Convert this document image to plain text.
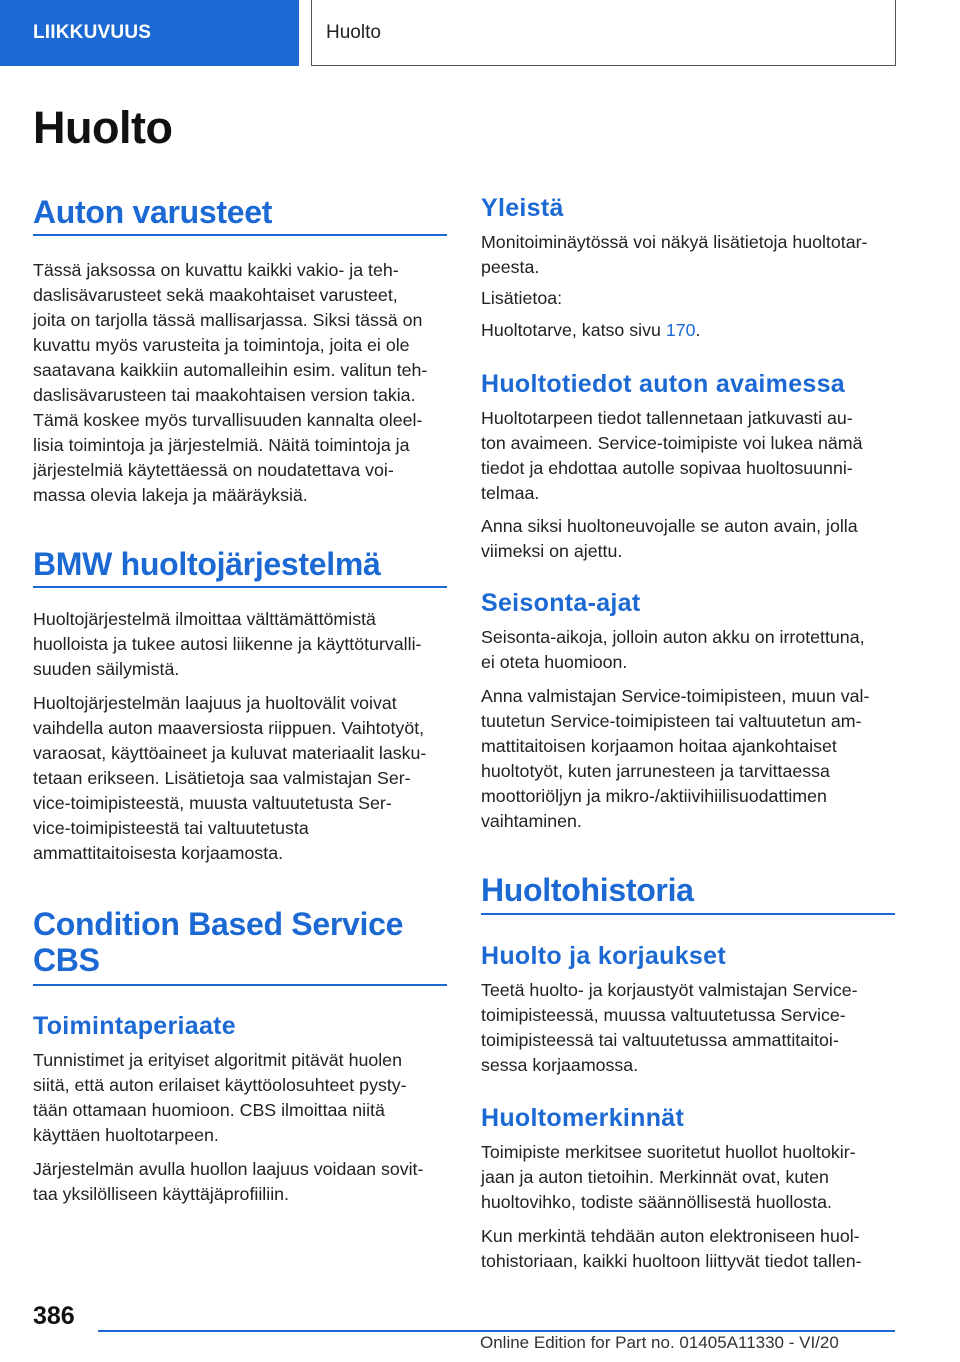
LIIKKUVUUS	Huolto
Huolto
Auton varusteet

Tässä jaksossa on kuvattu kaikki vakio- ja teh-
daslisävarusteet sekä maakohtaiset varusteet,
joita on tarjolla tässä mallisarjassa. Siksi tässä on
kuvattu myös varusteita ja toimintoja, joita ei ole
saatavana kaikkiin automalleihin esim. valitun teh-
daslisävarusteen tai maakohtaisen version takia.
Tämä koskee myös turvallisuuden kannalta oleel-
lisia toimintoja ja järjestelmiä. Näitä toimintoja ja
järjestelmiä käytettäessä on noudatettava voi-
massa olevia lakeja ja määräyksiä.

BMW huoltojärjestelmä

Huoltojärjestelmä ilmoittaa välttämättömistä
huolloista ja tukee autosi liikenne ja käyttöturvalli-
suuden säilymistä.

Huoltojärjestelmän laajuus ja huoltovälit voivat
vaihdella auton maaversiosta riippuen. Vaihtotyöt,
varaosat, käyttöaineet ja kuluvat materiaalit lasku-
tetaan erikseen. Lisätietoja saa valmistajan Ser-
vice-toimipisteestä, muusta valtuutetusta Ser-
vice-toimipisteestä tai valtuutetusta
ammattitaitoisesta korjaamosta.

Condition Based Service
CBS
Toimintaperiaate

Tunnistimet ja erityiset algoritmit pitävät huolen
siitä, että auton erilaiset käyttöolosuhteet pysty-
tään ottamaan huomioon. CBS ilmoittaa niitä
käyttäen huoltotarpeen.

Järjestelmän avulla huollon laajuus voidaan sovit-
taa yksilölliseen käyttäjäprofiiliin.

Yleistä

Monitoiminäytössä voi näkyä lisätietoja huoltotar-
peesta.

Lisätietoa:

Huoltotarve, katso sivu 170.

Huoltotiedot auton avaimessa

Huoltotarpeen tiedot tallennetaan jatkuvasti au-
ton avaimeen. Service-toimipiste voi lukea nämä
tiedot ja ehdottaa autolle sopivaa huoltosuunni-
telmaa.

Anna siksi huoltoneuvojalle se auton avain, jolla
viimeksi on ajettu.

Seisonta-ajat

Seisonta-aikoja, jolloin auton akku on irrotettuna,
ei oteta huomioon.

Anna valmistajan Service-toimipisteen, muun val-
tuutetun Service-toimipisteen tai valtuutetun am-
mattitaitoisen korjaamon hoitaa ajankohtaiset
huoltotyöt, kuten jarrunesteen ja tarvittaessa
moottoriöljyn ja mikro-/aktiivihiilisuodattimen
vaihtaminen.

Huoltohistoria
Huolto ja korjaukset

Teetä huolto- ja korjaustyöt valmistajan Service-
toimipisteessä, muussa valtuutetussa Service-
toimipisteessä tai valtuutetussa ammattitaitoi-
sessa korjaamossa.

Huoltomerkinnät

Toimipiste merkitsee suoritetut huollot huoltokir-
jaan ja auton tietoihin. Merkinnät ovat, kuten
huoltovihko, todiste säännöllisestä huollosta.

Kun merkintä tehdään auton elektroniseen huol-
tohistoriaan, kaikki huoltoon liittyvät tiedot tallen-

386
Online Edition for Part no. 01405A11330 - VI/20
